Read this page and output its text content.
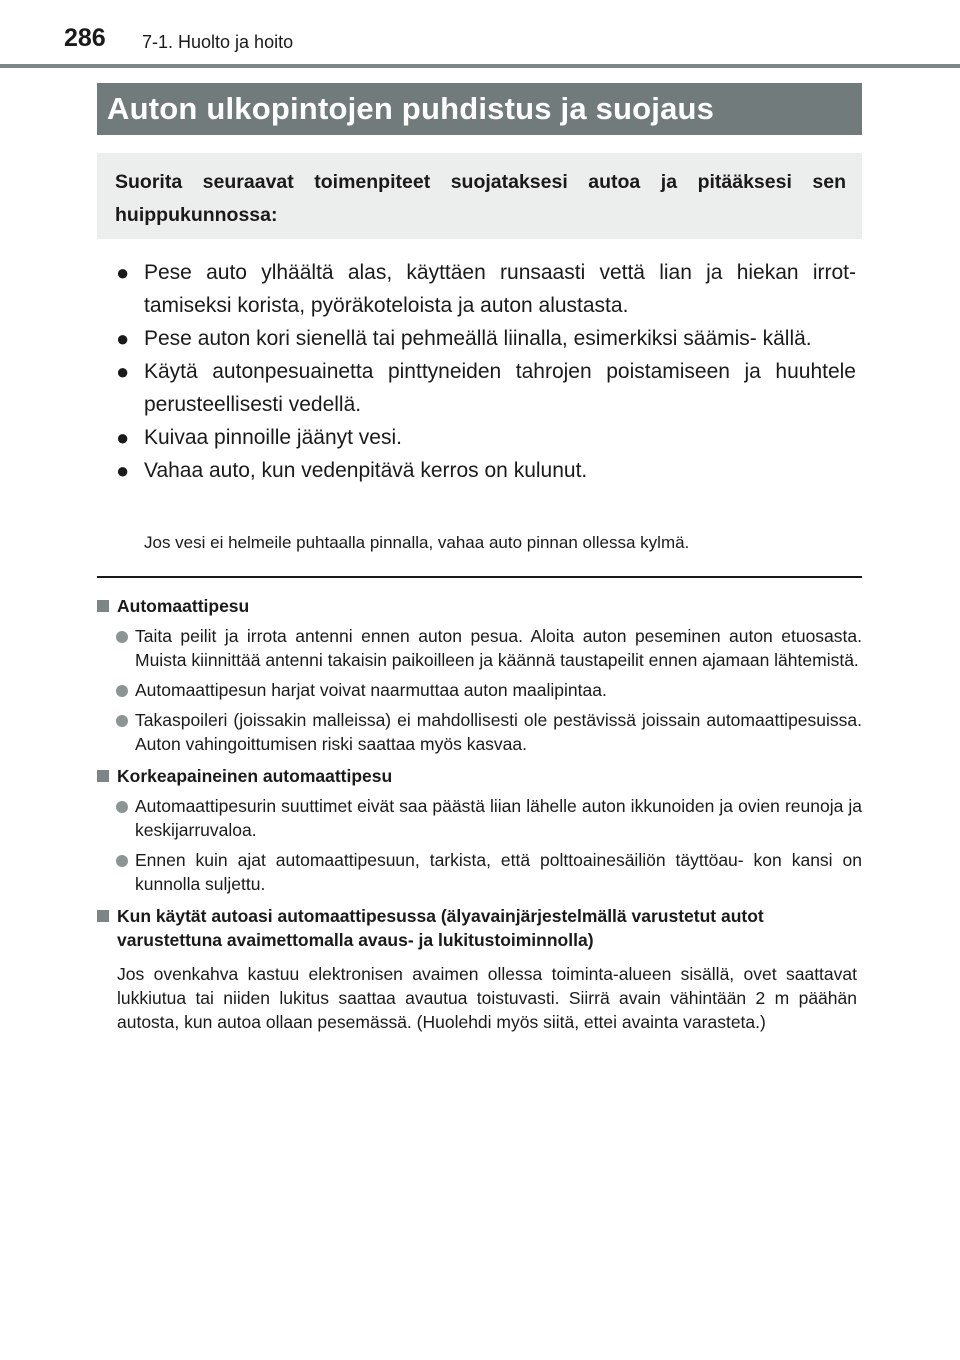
286 7-1. Huolto ja hoito
Auton ulkopintojen puhdistus ja suojaus
Suorita seuraavat toimenpiteet suojataksesi autoa ja pitääksesi sen huippukunnossa:
● Pese auto ylhäältä alas, käyttäen runsaasti vettä lian ja hiekan irrot- tamiseksi korista, pyöräkoteloista ja auton alustasta.
● Pese auton kori sienellä tai pehmeällä liinalla, esimerkiksi säämis- källä.
● Käytä autonpesuainetta pinttyneiden tahrojen poistamiseen ja huuhtele perusteellisesti vedellä.
● Kuivaa pinnoille jäänyt vesi.
● Vahaa auto, kun vedenpitävä kerros on kulunut.
Jos vesi ei helmeile puhtaalla pinnalla, vahaa auto pinnan ollessa kylmä.
Automaattipesu
Taita peilit ja irrota antenni ennen auton pesua. Aloita auton peseminen auton etuosasta. Muista kiinnittää antenni takaisin paikoilleen ja käännä taustapeilit ennen ajamaan lähtemistä.
Automaattipesun harjat voivat naarmuttaa auton maalipintaa.
Takaspoileri (joissakin malleissa) ei mahdollisesti ole pestävissä joissain automaattipesuissa. Auton vahingoittumisen riski saattaa myös kasvaa.
Korkeapaineinen automaattipesu
Automaattipesurin suuttimet eivät saa päästä liian lähelle auton ikkunoiden ja ovien reunoja ja keskijarruvaloa.
Ennen kuin ajat automaattipesuun, tarkista, että polttoainesäiliön täyttöau- kon kansi on kunnolla suljettu.
Kun käytät autoasi automaattipesussa (älyavainjärjestelmällä varustetut autot varustettuna avaimettomalla avaus- ja lukitustoiminnolla)
Jos ovenkahva kastuu elektronisen avaimen ollessa toiminta-alueen sisällä, ovet saattavat lukkiutua tai niiden lukitus saattaa avautua toistuvasti. Siirrä avain vähintään 2 m päähän autosta, kun autoa ollaan pesemässä. (Huolehdi myös siitä, ettei avainta varasteta.)
